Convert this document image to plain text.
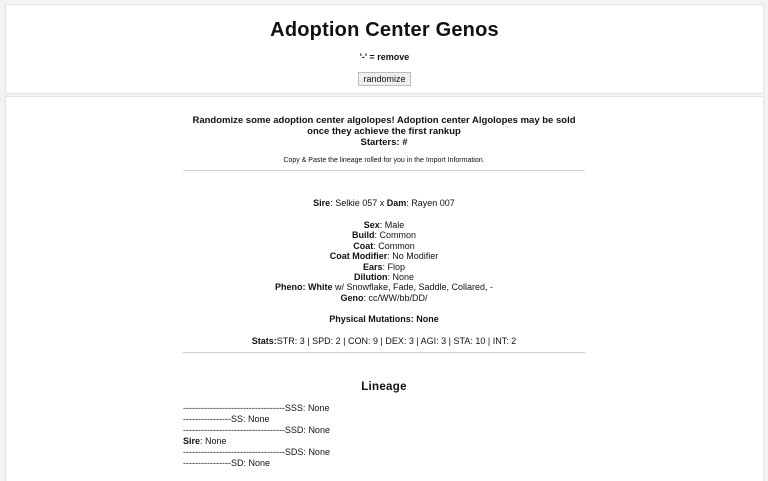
Adoption Center Genos
'-' = remove
randomize
Randomize some adoption center algolopes! Adoption center Algolopes may be sold once they achieve the first rankup
Starters: #
Copy & Paste the lineage rolled for you in the Import Information.
Sire: Selkie 057 x Dam: Rayen 007
Sex: Male
Build: Common
Coat: Common
Coat Modifier: No Modifier
Ears: Flop
Dilution: None
Pheno: White w/ Snowflake, Fade, Saddle, Collared, -
Geno: cc/WW/bb/DD/
Physical Mutations: None
Stats:STR: 3 | SPD: 2 | CON: 9 | DEX: 3 | AGI: 3 | STA: 10 | INT: 2
Lineage
----------------------------------SSS: None
----------------SS: None
----------------------------------SSD: None
Sire: None
----------------------------------SDS: None
----------------SD: None
